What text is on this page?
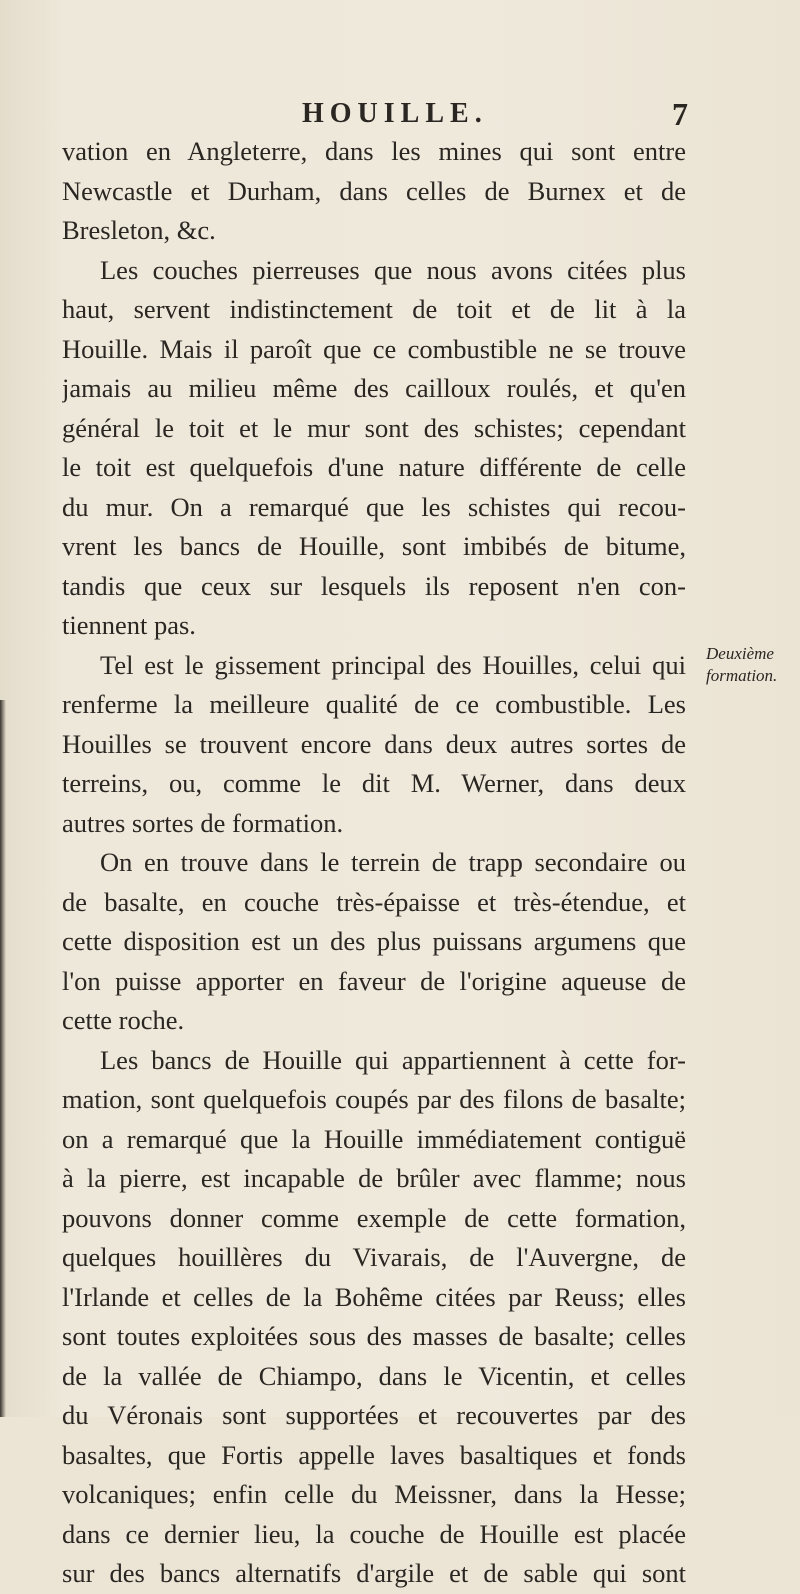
HOUILLE.	7
vation en Angleterre, dans les mines qui sont entre
Newcastle et Durham, dans celles de Burnex et de
Bresleton, &c.
Les couches pierreuses que nous avons citées plus
haut, servent indistinctement de toit et de lit à la
Houille. Mais il paroît que ce combustible ne se trouve
jamais au milieu même des cailloux roulés, et qu'en
général le toit et le mur sont des schistes; cependant
le toit est quelquefois d'une nature différente de celle
du mur. On a remarqué que les schistes qui recou-
vrent les bancs de Houille, sont imbibés de bitume,
tandis que ceux sur lesquels ils reposent n'en con-
tiennent pas.
Tel est le gissement principal des Houilles, celui qui
renferme la meilleure qualité de ce combustible. Les
Houilles se trouvent encore dans deux autres sortes de
terreins, ou, comme le dit M. Werner, dans deux
autres sortes de formation.
On en trouve dans le terrein de trapp secondaire ou
de basalte, en couche très-épaisse et très-étendue, et
cette disposition est un des plus puissans argumens que
l'on puisse apporter en faveur de l'origine aqueuse de
cette roche.
Les bancs de Houille qui appartiennent à cette for-
mation, sont quelquefois coupés par des filons de basalte;
on a remarqué que la Houille immédiatement contiguë
à la pierre, est incapable de brûler avec flamme; nous
pouvons donner comme exemple de cette formation,
quelques houillères du Vivarais, de l'Auvergne, de
l'Irlande et celles de la Bohême citées par Reuss; elles
sont toutes exploitées sous des masses de basalte; celles
de la vallée de Chiampo, dans le Vicentin, et celles
du Véronais sont supportées et recouvertes par des
basaltes, que Fortis appelle laves basaltiques et fonds
volcaniques; enfin celle du Meissner, dans la Hesse;
dans ce dernier lieu, la couche de Houille est placée
sur des bancs alternatifs d'argile et de sable qui sont
Deuxième
formation.
